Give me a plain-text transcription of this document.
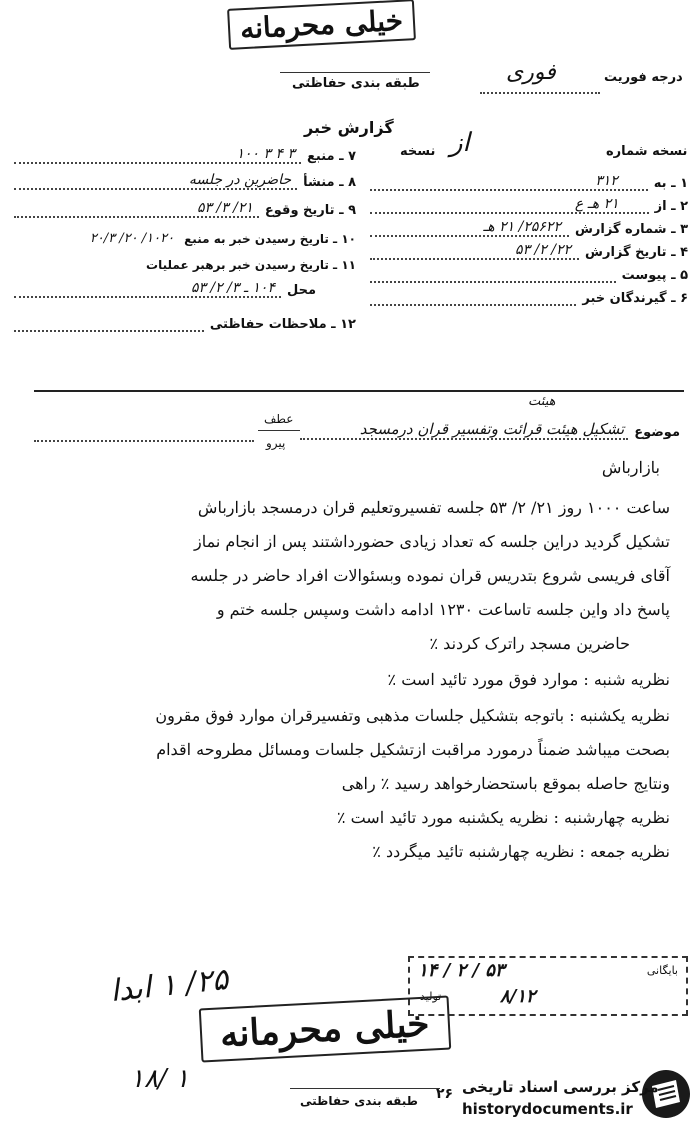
خیلی محرمانه
طبقه بندی حفاظتی	درجه فوریت
فوری
گزارش خبر
نسخه شماره
از
نسخه
۱ ـ به
۳۱۲
۲ ـ از
۲۱ هـ ع
۳ ـ شماره گزارش
۲۵۶۲۲/ ۲۱ هـ
۴ ـ تاریخ گزارش
۲۲/ ۲/ ۵۳
۵ ـ پیوست
۶ ـ گیرندگان خبر
۷ ـ منبع
۳ ۴ ۳ ۱۰۰
۸ ـ منشأ
حاضرین در جلسه
۹ ـ تاریخ وقوع
۲۱/ ۳/ ۵۳
۱۰ ـ تاریخ رسیدن خبر به منبع
۱۰۲۰/ ۲۰/ ۲۰/۳
۱۱ ـ تاریخ رسیدن خبر برهبر عملیات
محل
۱۰۴ ـ ۳/ ۲/ ۵۳
۱۲ ـ ملاحظات حفاظتی
هیئت
موضوع
تشکیل هیئت قرائت وتفسیر قران درمسجد
عطف
پیرو
بازارباش
ساعت ۱۰۰۰ روز ۲۱/ ۲/ ۵۳ جلسه تفسیروتعلیم قران درمسجد بازارباش
تشکیل گردید دراین جلسه که تعداد زیادی حضورداشتند پس از انجام نماز
آقای فریسی شروع بتدریس قران نموده وبسئوالات افراد حاضر در جلسه
پاسخ داد واین جلسه تاساعت ۱۲۳۰ ادامه داشت وسپس جلسه ختم و
حاضرین مسجد راترک کردند ٪
نظریه شنبه : موارد فوق مورد تائید است ٪
نظریه یکشنبه : باتوجه بتشکیل جلسات مذهبی وتفسیرقران موارد فوق مقرون
بصحت میباشد ضمناً درمورد مراقبت ازتشکیل جلسات ومسائل مطروحه اقدام
ونتایج حاصله بموقع باستحضارخواهد رسید ٪ راهی
نظریه چهارشنبه : نظریه یکشنبه مورد تائید است ٪
نظریه جمعه : نظریه چهارشنبه تائید میگردد ٪
۱۴ / ۲ / ۵۳	بایگانی
تولید	۸/۱۲
۲۵/ ۱ ابدا
۱۸/ ۱
خیلی محرمانه
طبقه بندی حفاظتی ۲۶ مرکز بررسی اسناد تاریخی
historydocuments.ir
